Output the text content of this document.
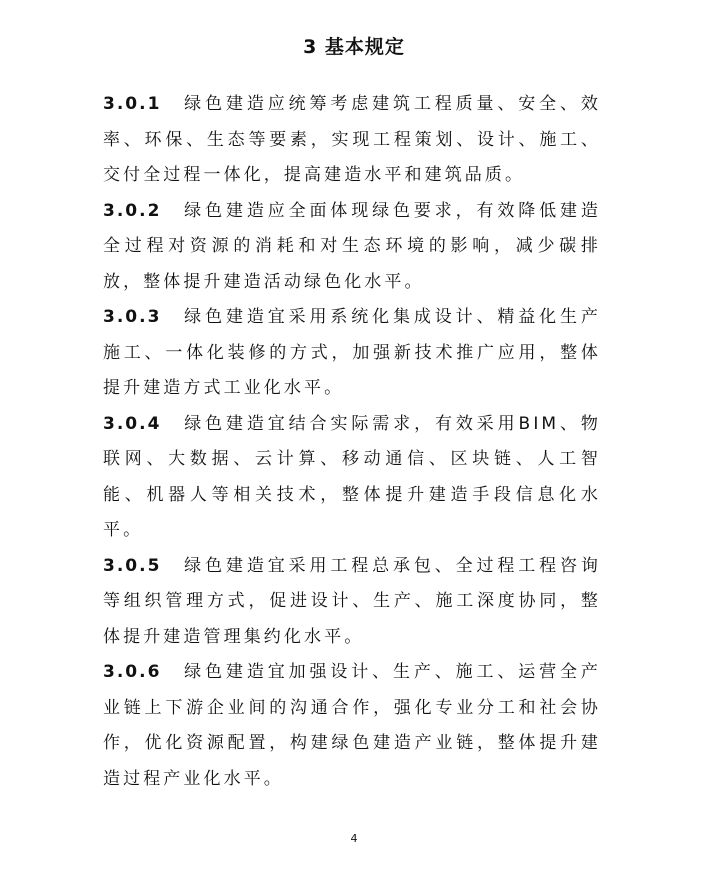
3 基本规定

3.0.1 绿色建造应统筹考虑建筑工程质量、安全、效率、环保、生态等要素，实现工程策划、设计、施工、交付全过程一体化，提高建造水平和建筑品质。

3.0.2 绿色建造应全面体现绿色要求，有效降低建造全过程对资源的消耗和对生态环境的影响，减少碳排放，整体提升建造活动绿色化水平。

3.0.3 绿色建造宜采用系统化集成设计、精益化生产施工、一体化装修的方式，加强新技术推广应用，整体提升建造方式工业化水平。

3.0.4 绿色建造宜结合实际需求，有效采用BIM、物联网、大数据、云计算、移动通信、区块链、人工智能、机器人等相关技术，整体提升建造手段信息化水平。

3.0.5 绿色建造宜采用工程总承包、全过程工程咨询等组织管理方式，促进设计、生产、施工深度协同，整体提升建造管理集约化水平。

3.0.6 绿色建造宜加强设计、生产、施工、运营全产业链上下游企业间的沟通合作，强化专业分工和社会协作，优化资源配置，构建绿色建造产业链，整体提升建造过程产业化水平。

4
